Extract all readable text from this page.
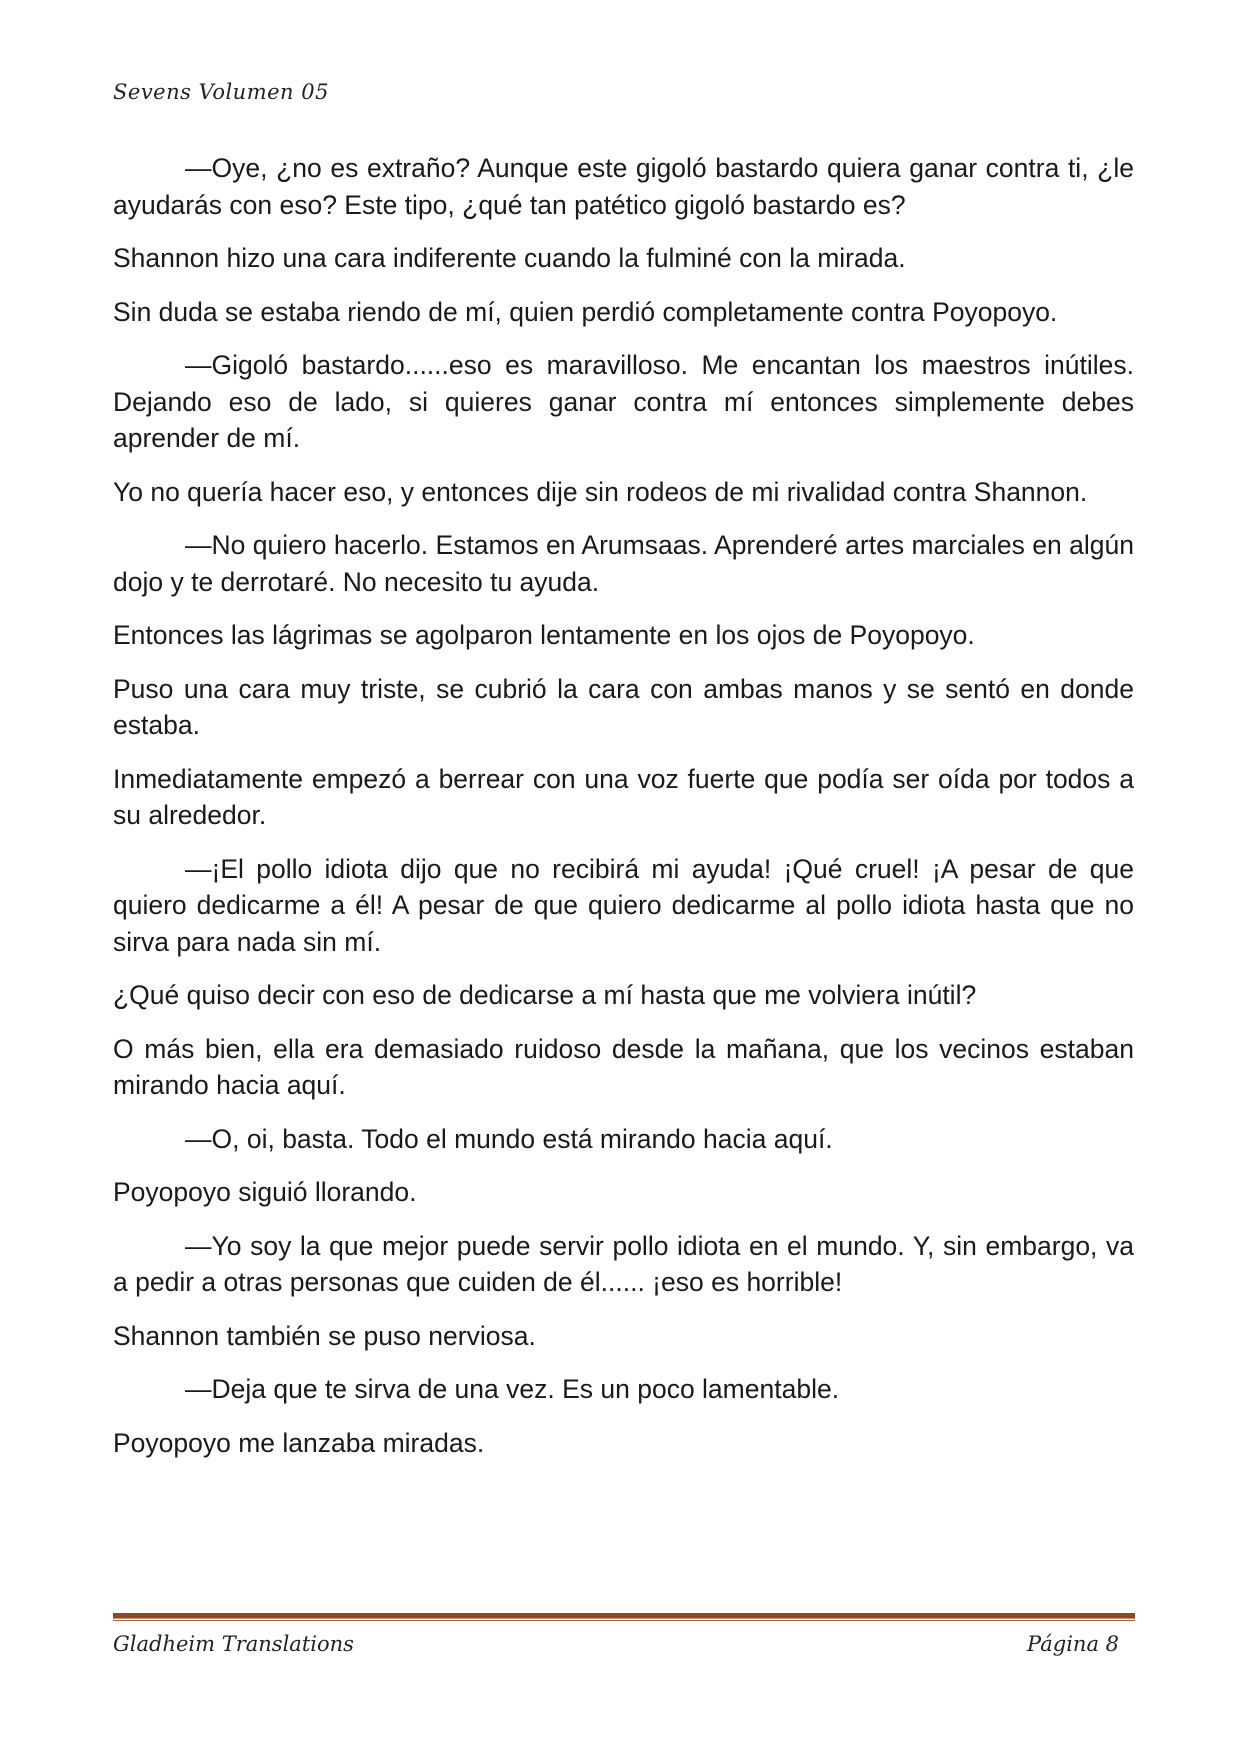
Sevens Volumen 05

—Oye, ¿no es extraño? Aunque este gigoló bastardo quiera ganar contra ti, ¿le ayudarás con eso? Este tipo, ¿qué tan patético gigoló bastardo es?

Shannon hizo una cara indiferente cuando la fulminé con la mirada.

Sin duda se estaba riendo de mí, quien perdió completamente contra Poyopoyo.

—Gigoló bastardo......eso es maravilloso. Me encantan los maestros inútiles. Dejando eso de lado, si quieres ganar contra mí entonces simplemente debes aprender de mí.

Yo no quería hacer eso, y entonces dije sin rodeos de mi rivalidad contra Shannon.

—No quiero hacerlo. Estamos en Arumsaas. Aprenderé artes marciales en algún dojo y te derrotaré. No necesito tu ayuda.

Entonces las lágrimas se agolparon lentamente en los ojos de Poyopoyo.

Puso una cara muy triste, se cubrió la cara con ambas manos y se sentó en donde estaba.

Inmediatamente empezó a berrear con una voz fuerte que podía ser oída por todos a su alrededor.

—¡El pollo idiota dijo que no recibirá mi ayuda! ¡Qué cruel! ¡A pesar de que quiero dedicarme a él! A pesar de que quiero dedicarme al pollo idiota hasta que no sirva para nada sin mí.

¿Qué quiso decir con eso de dedicarse a mí hasta que me volviera inútil?

O más bien, ella era demasiado ruidoso desde la mañana, que los vecinos estaban mirando hacia aquí.

—O, oi, basta. Todo el mundo está mirando hacia aquí.

Poyopoyo siguió llorando.

—Yo soy la que mejor puede servir pollo idiota en el mundo. Y, sin embargo, va a pedir a otras personas que cuiden de él...... ¡eso es horrible!

Shannon también se puso nerviosa.

—Deja que te sirva de una vez. Es un poco lamentable.

Poyopoyo me lanzaba miradas.

Gladheim Translations	Página 8
